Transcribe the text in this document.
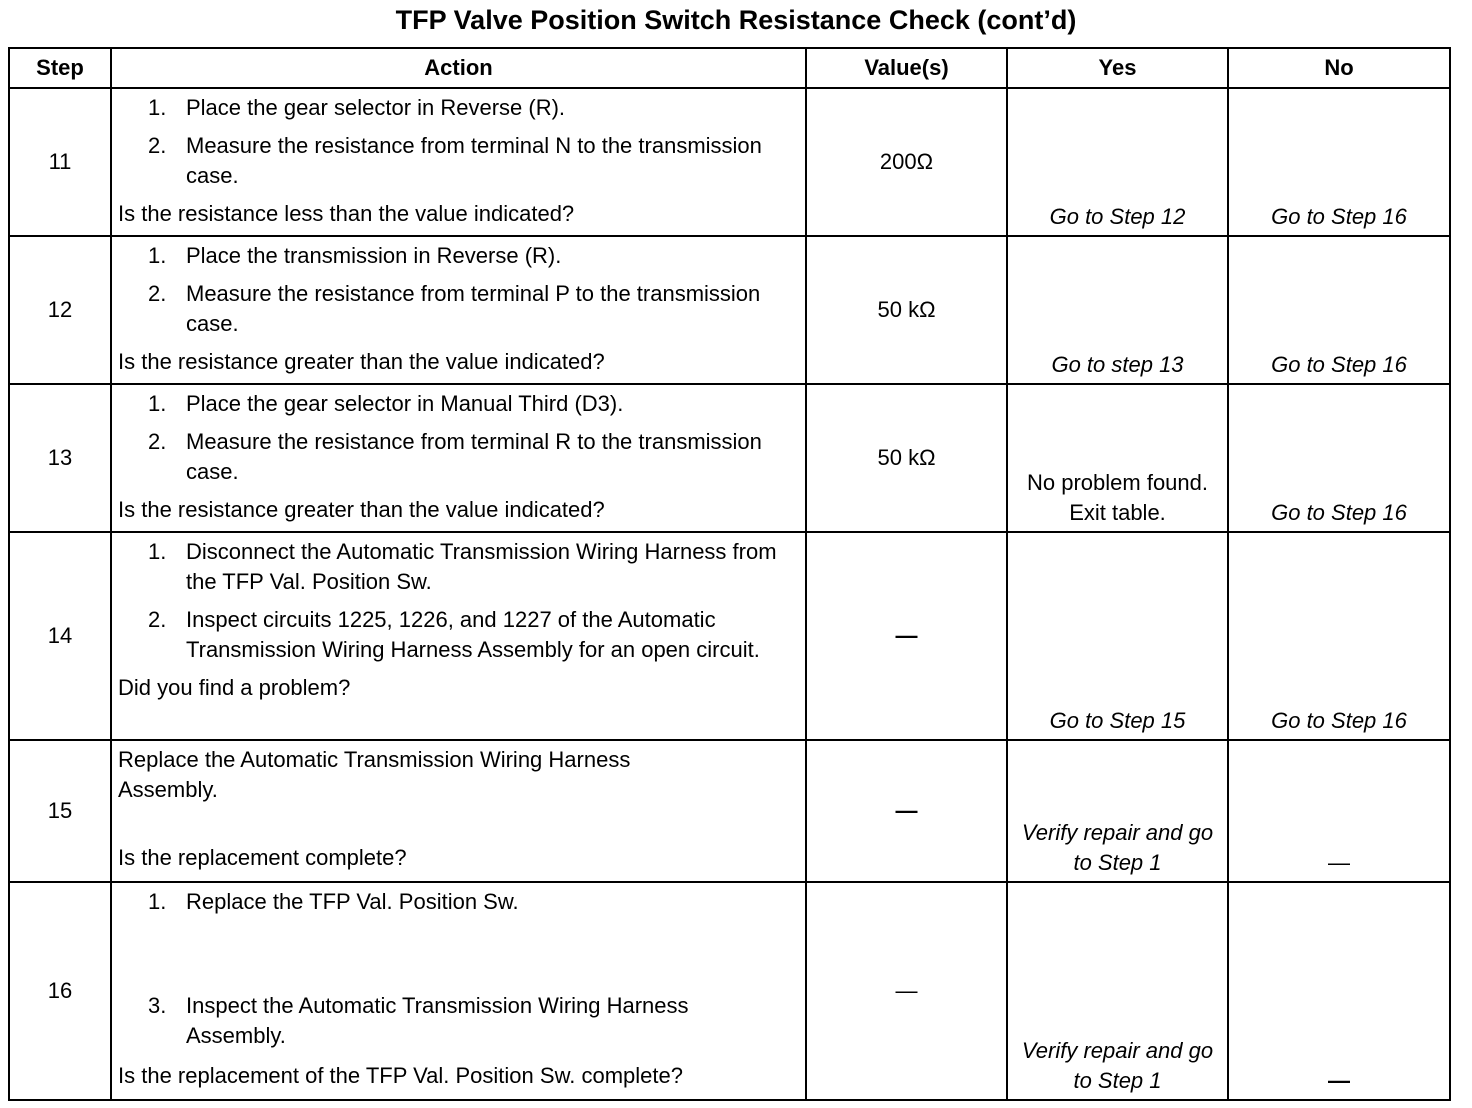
TFP Valve Position Switch Resistance Check (cont’d)
Step	Action	Value(s)	Yes	No
11	1. Place the gear selector in Reverse (R).
2. Measure the resistance from terminal N to the transmission case.
Is the resistance less than the value indicated?	200Ω	Go to Step 12	Go to Step 16
12	1. Place the transmission in Reverse (R).
2. Measure the resistance from terminal P to the transmission case.
Is the resistance greater than the value indicated?	50 kΩ	Go to step 13	Go to Step 16
13	1. Place the gear selector in Manual Third (D3).
2. Measure the resistance from terminal R to the transmission case.
Is the resistance greater than the value indicated?	50 kΩ	No problem found. Exit table.	Go to Step 16
14	1. Disconnect the Automatic Transmission Wiring Harness from the TFP Val. Position Sw.
2. Inspect circuits 1225, 1226, and 1227 of the Automatic Transmission Wiring Harness Assembly for an open circuit.
Did you find a problem?	—	Go to Step 15	Go to Step 16
15	Replace the Automatic Transmission Wiring Harness Assembly.
Is the replacement complete?	—	Verify repair and go to Step 1	—
16	1. Replace the TFP Val. Position Sw.
3. Inspect the Automatic Transmission Wiring Harness Assembly.
Is the replacement of the TFP Val. Position Sw. complete?	—	Verify repair and go to Step 1	—
